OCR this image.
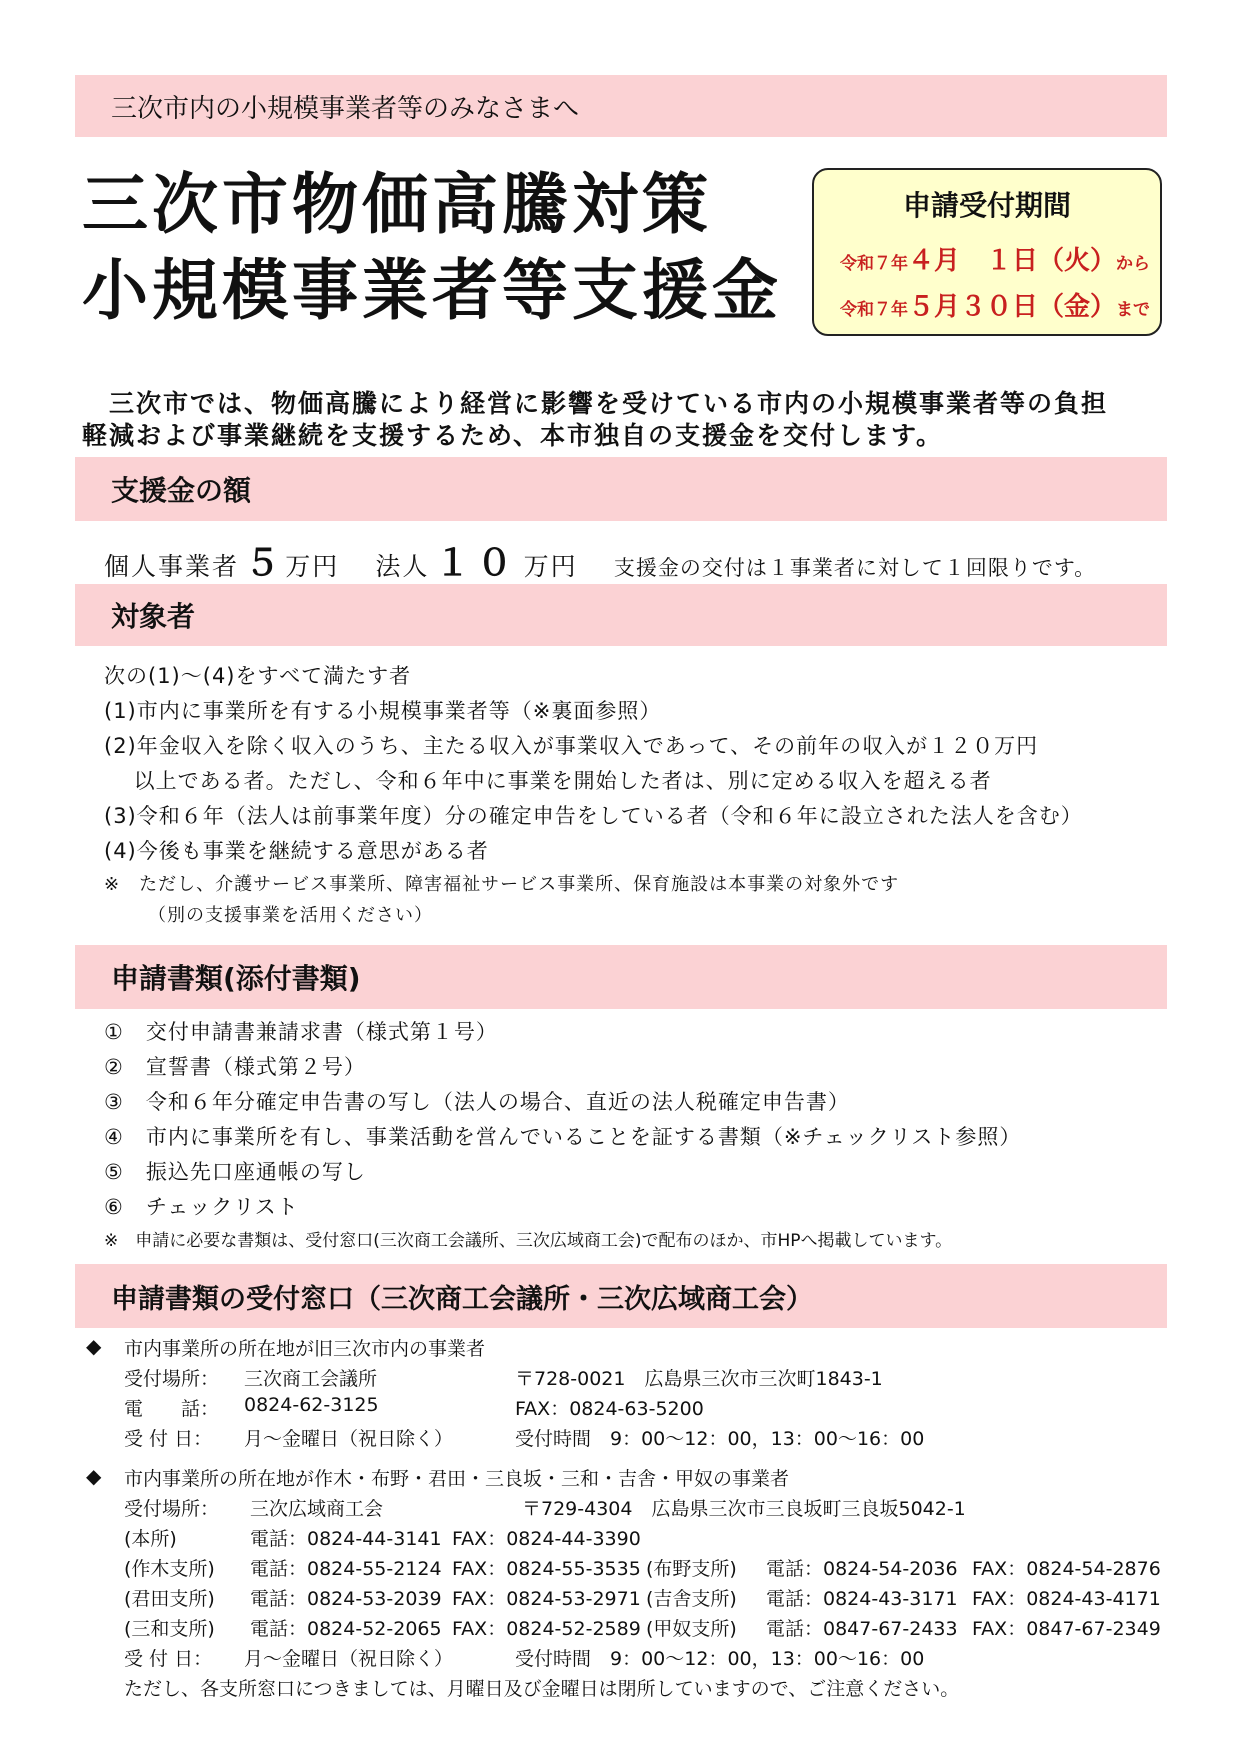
三次市内の小規模事業者等のみなさまへ
三次市物価高騰対策
小規模事業者等支援金
申請受付期間
令和７年４月　１日（火）から
令和７年５月３０日（金）まで
　三次市では、物価高騰により経営に影響を受けている市内の小規模事業者等の負担
軽減および事業継続を支援するため、本市独自の支援金を交付します。
支援金の額
個人事業者 ５ 万円 法人 １０ 万円 支援金の交付は１事業者に対して１回限りです。
対象者
次の(1)～(4)をすべて満たす者
(1)市内に事業所を有する小規模事業者等（※裏面参照）
(2)年金収入を除く収入のうち、主たる収入が事業収入であって、その前年の収入が１２０万円
　 以上である者。ただし、令和６年中に事業を開始した者は、別に定める収入を超える者
(3)令和６年（法人は前事業年度）分の確定申告をしている者（令和６年に設立された法人を含む）
(4)今後も事業を継続する意思がある者
※　ただし、介護サービス事業所、障害福祉サービス事業所、保育施設は本事業の対象外です
（別の支援事業を活用ください）
申請書類(添付書類)
① 交付申請書兼請求書（様式第１号）
② 宣誓書（様式第２号）
③ 令和６年分確定申告書の写し（法人の場合、直近の法人税確定申告書）
④ 市内に事業所を有し、事業活動を営んでいることを証する書類（※チェックリスト参照）
⑤ 振込先口座通帳の写し
⑥ チェックリスト
※　申請に必要な書類は、受付窓口(三次商工会議所、三次広域商工会)で配布のほか、市HPへ掲載しています。
申請書類の受付窓口（三次商工会議所・三次広域商工会）
◆ 市内事業所の所在地が旧三次市内の事業者
受付場所： 三次商工会議所	〒728-0021　広島県三次市三次町1843-1
電　　話： 0824-62-3125	FAX：0824-63-5200
受 付 日： 月～金曜日（祝日除く）	受付時間　9：00～12：00，13：00～16：00
◆ 市内事業所の所在地が作木・布野・君田・三良坂・三和・吉舎・甲奴の事業者
受付場所： 三次広域商工会	〒729-4304　広島県三次市三良坂町三良坂5042-1
(本所)	電話：0824-44-3141 FAX：0824-44-3390
(作木支所) 電話：0824-55-2124 FAX：0824-55-3535 (布野支所) 電話：0824-54-2036 FAX：0824-54-2876
(君田支所) 電話：0824-53-2039 FAX：0824-53-2971 (吉舎支所) 電話：0824-43-3171 FAX：0824-43-4171
(三和支所) 電話：0824-52-2065 FAX：0824-52-2589 (甲奴支所) 電話：0847-67-2433 FAX：0847-67-2349
受 付 日： 月～金曜日（祝日除く）	受付時間　9：00～12：00，13：00～16：00
ただし、各支所窓口につきましては、月曜日及び金曜日は閉所していますので、ご注意ください。
